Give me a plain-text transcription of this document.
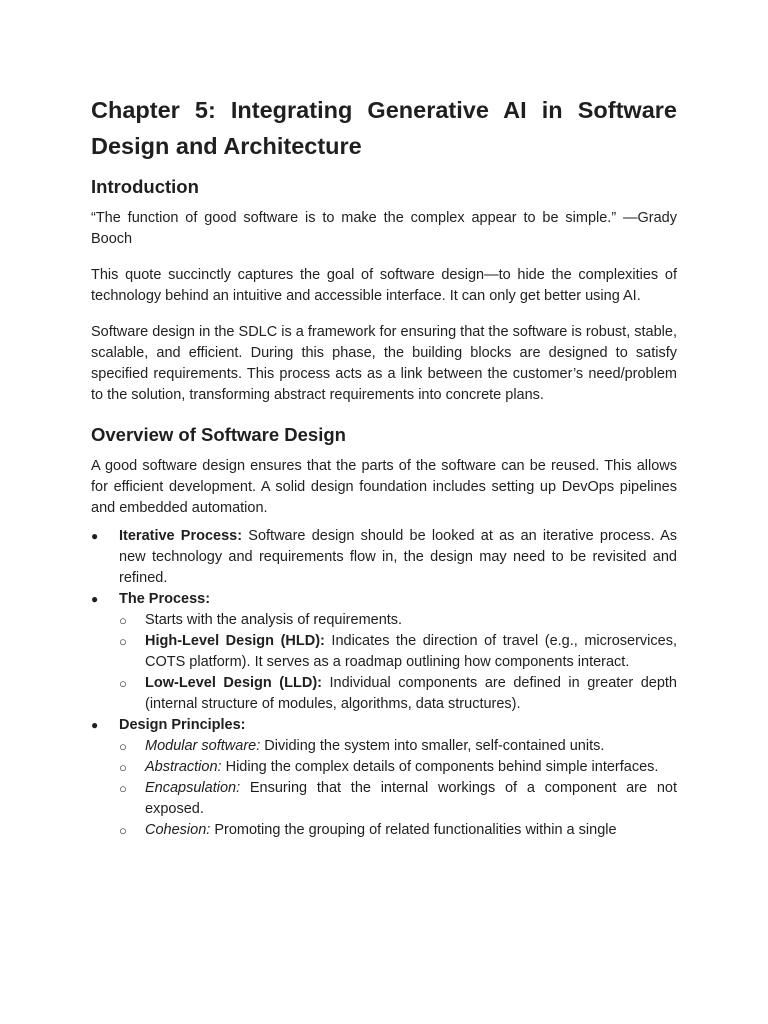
Chapter 5: Integrating Generative AI in Software Design and Architecture
Introduction

“The function of good software is to make the complex appear to be simple.” —Grady Booch

This quote succinctly captures the goal of software design—to hide the complexities of technology behind an intuitive and accessible interface. It can only get better using AI.

Software design in the SDLC is a framework for ensuring that the software is robust, stable, scalable, and efficient. During this phase, the building blocks are designed to satisfy specified requirements. This process acts as a link between the customer’s need/problem to the solution, transforming abstract requirements into concrete plans.

Overview of Software Design

A good software design ensures that the parts of the software can be reused. This allows for efficient development. A solid design foundation includes setting up DevOps pipelines and embedded automation.

●	Iterative Process: Software design should be looked at as an iterative process. As new technology and requirements flow in, the design may need to be revisited and refined.
●	The Process:
○	Starts with the analysis of requirements.
○	High-Level Design (HLD): Indicates the direction of travel (e.g., microservices, COTS platform). It serves as a roadmap outlining how components interact.
○	Low-Level Design (LLD): Individual components are defined in greater depth (internal structure of modules, algorithms, data structures).
●	Design Principles:
○	Modular software: Dividing the system into smaller, self-contained units.
○	Abstraction: Hiding the complex details of components behind simple interfaces.
○	Encapsulation: Ensuring that the internal workings of a component are not exposed.
○	Cohesion: Promoting the grouping of related functionalities within a single
